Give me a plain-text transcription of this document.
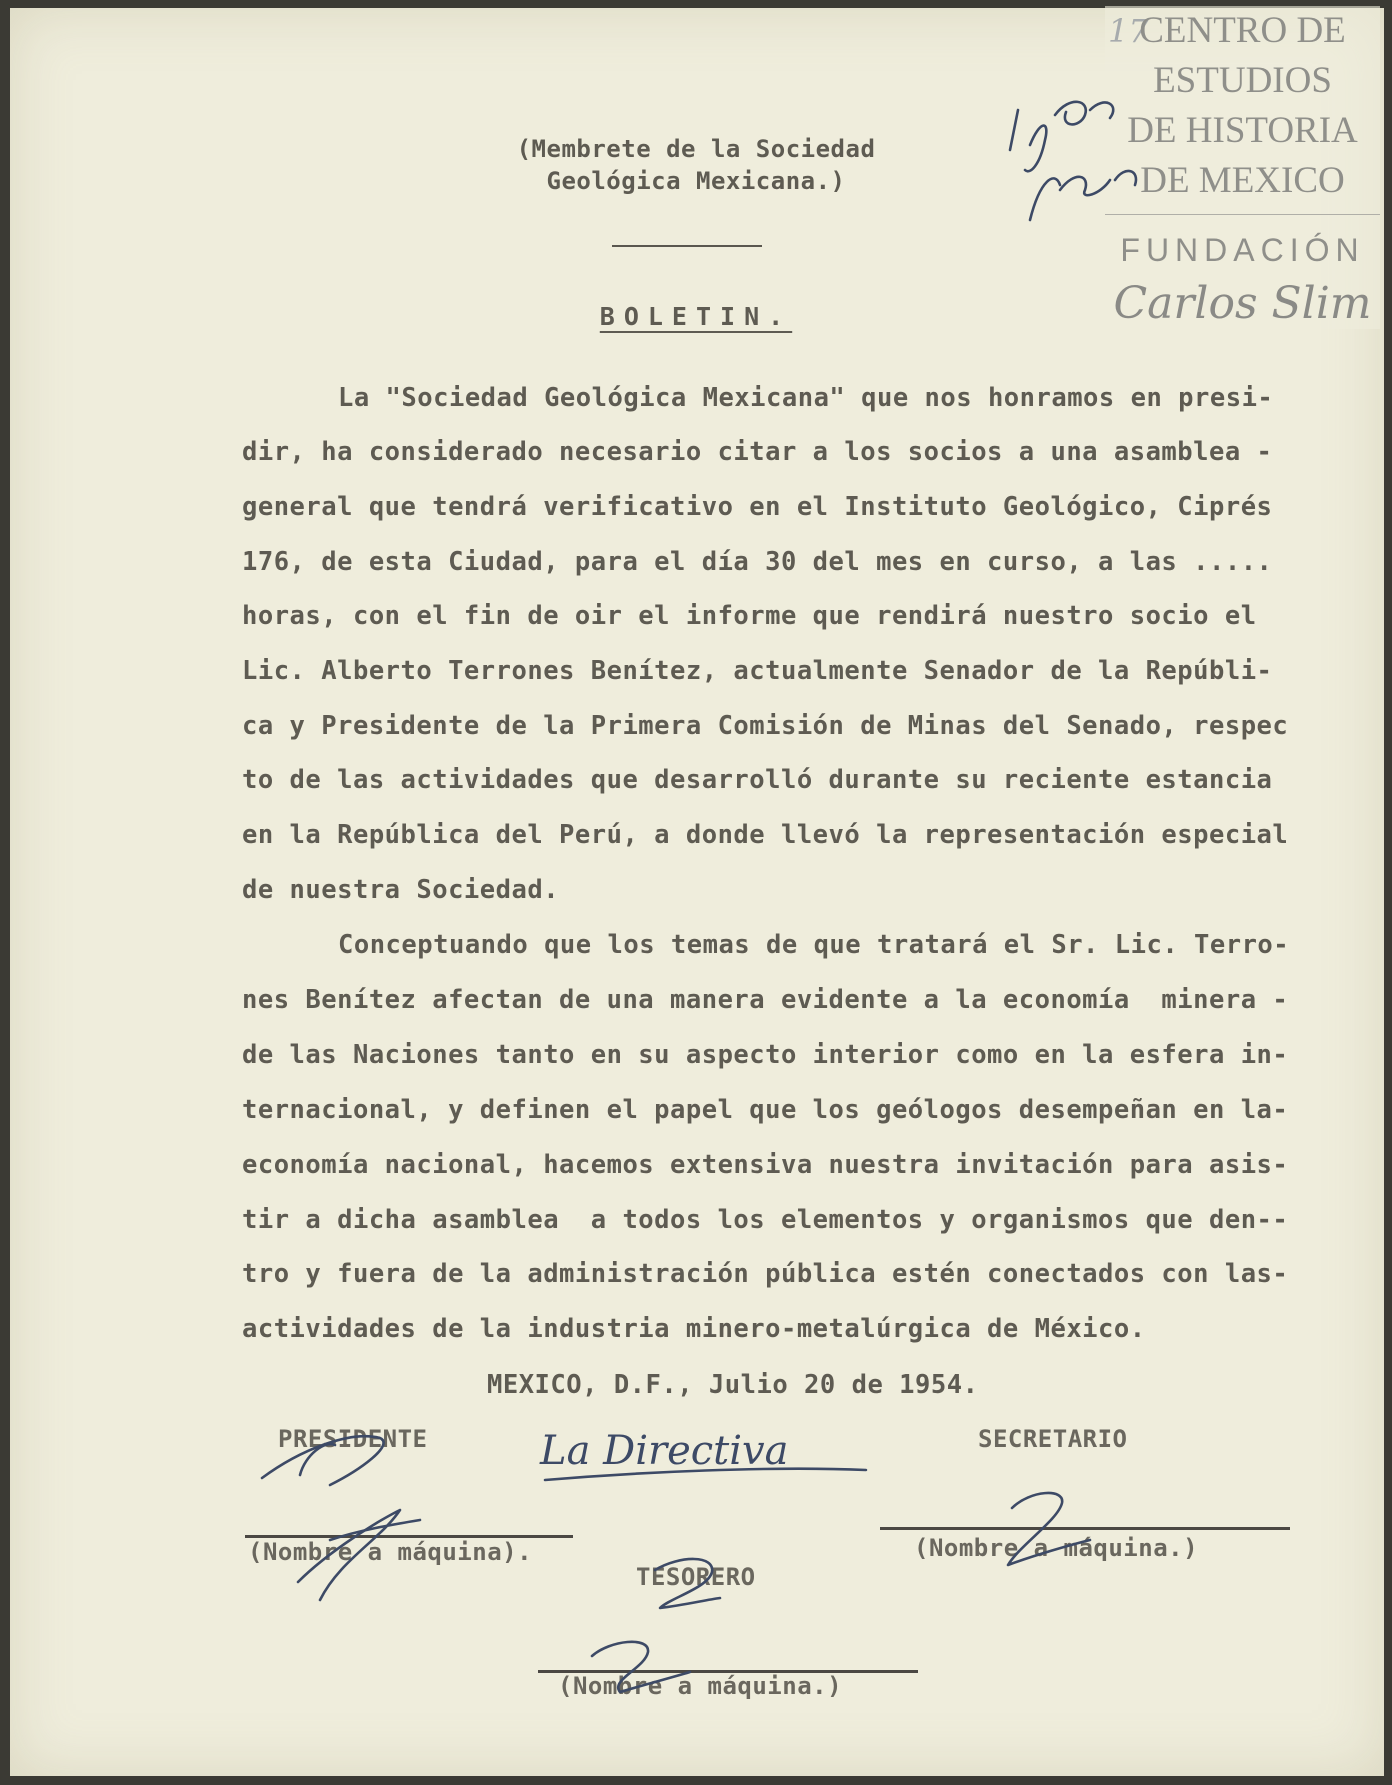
(Membrete de la Sociedad
Geológica Mexicana.)
BOLETIN.
La "Sociedad Geológica Mexicana" que nos honramos en presi-
dir, ha considerado necesario citar a los socios a una asamblea -
general que tendrá verificativo en el Instituto Geológico, Ciprés
176, de esta Ciudad, para el día 30 del mes en curso, a las .....
horas, con el fin de oir el informe que rendirá nuestro socio el
Lic. Alberto Terrones Benítez, actualmente Senador de la Repúbli-
ca y Presidente de la Primera Comisión de Minas del Senado, respec
to de las actividades que desarrolló durante su reciente estancia
en la República del Perú, a donde llevó la representación especial
de nuestra Sociedad.
Conceptuando que los temas de que tratará el Sr. Lic. Terro-
nes Benítez afectan de una manera evidente a la economía  minera -
de las Naciones tanto en su aspecto interior como en la esfera in-
ternacional, y definen el papel que los geólogos desempeñan en la-
economía nacional, hacemos extensiva nuestra invitación para asis-
tir a dicha asamblea  a todos los elementos y organismos que den--
tro y fuera de la administración pública estén conectados con las-
actividades de la industria minero-metalúrgica de México.
MEXICO, D.F., Julio 20 de 1954.
PRESIDENTE	SECRETARIO
La Directiva
(Nombre a máquina).	(Nombre a máquina.)
TESORERO
(Nombre a máquina.)
CENTRO DE
ESTUDIOS
DE HISTORIA
DE MEXICO
FUNDACIÓN
Carlos Slim
